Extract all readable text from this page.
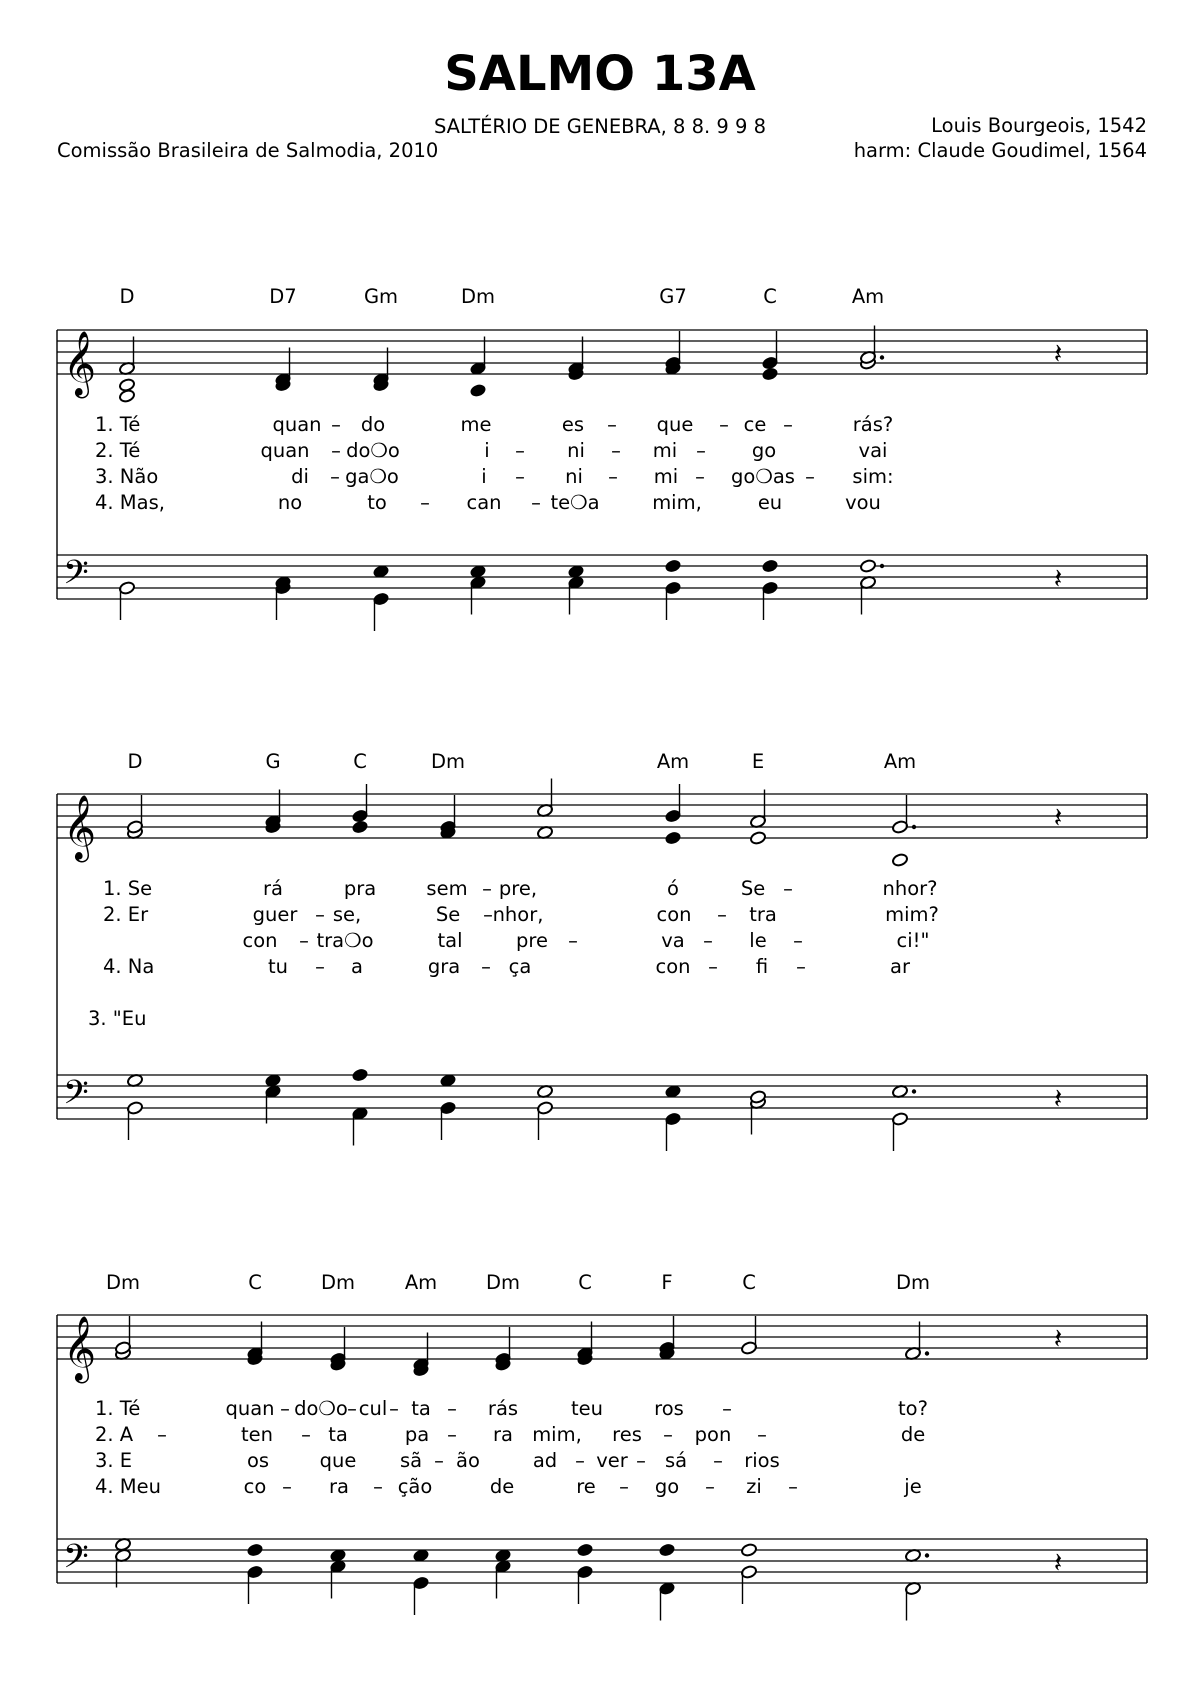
SALMO 13A
SALTÉRIO DE GENEBRA, 8 8. 9 9 8
Comissão Brasileira de Salmodia, 2010
Louis Bourgeois, 1542
harm: Claude Goudimel, 1564
𝄞
𝄢
D	D7	Gm	Dm	G7	C	Am
𝄽
𝄽
1. Té	quan – do	me	es – que – ce –	rás?
2. Té	quan – do❍o	i – ni – mi – go	vai
3. Não	di – ga❍o	i – ni – mi – go❍as – sim:
4. Mas,	no	to – can – te❍a	mim,	eu	vou
𝄞
𝄢
D	G	C	Dm	Am	E	Am
𝄽
𝄽
1. Se	rá	pra	sem – pre,	ó	Se –	nhor?
2. Er	guer – se,	Se – nhor,	con – tra	mim?
con – tra❍o	tal	pre –	va – le –	ci!"
4. Na	tu – a	gra – ça	con – fi –	ar
3. "Eu
𝄞
𝄢
Dm	C	Dm	Am	Dm	C	F	C	Dm
𝄽
𝄽
1. Té	quan – do❍o – cul – ta – rás	teu	ros –	to?
2. A –	ten – ta	pa – ra mim, res – pon –	de
3. E	os	que sã – ão	ad – ver – sá – rios
4. Meu	co – ra – ção	de	re – go – zi –	je
